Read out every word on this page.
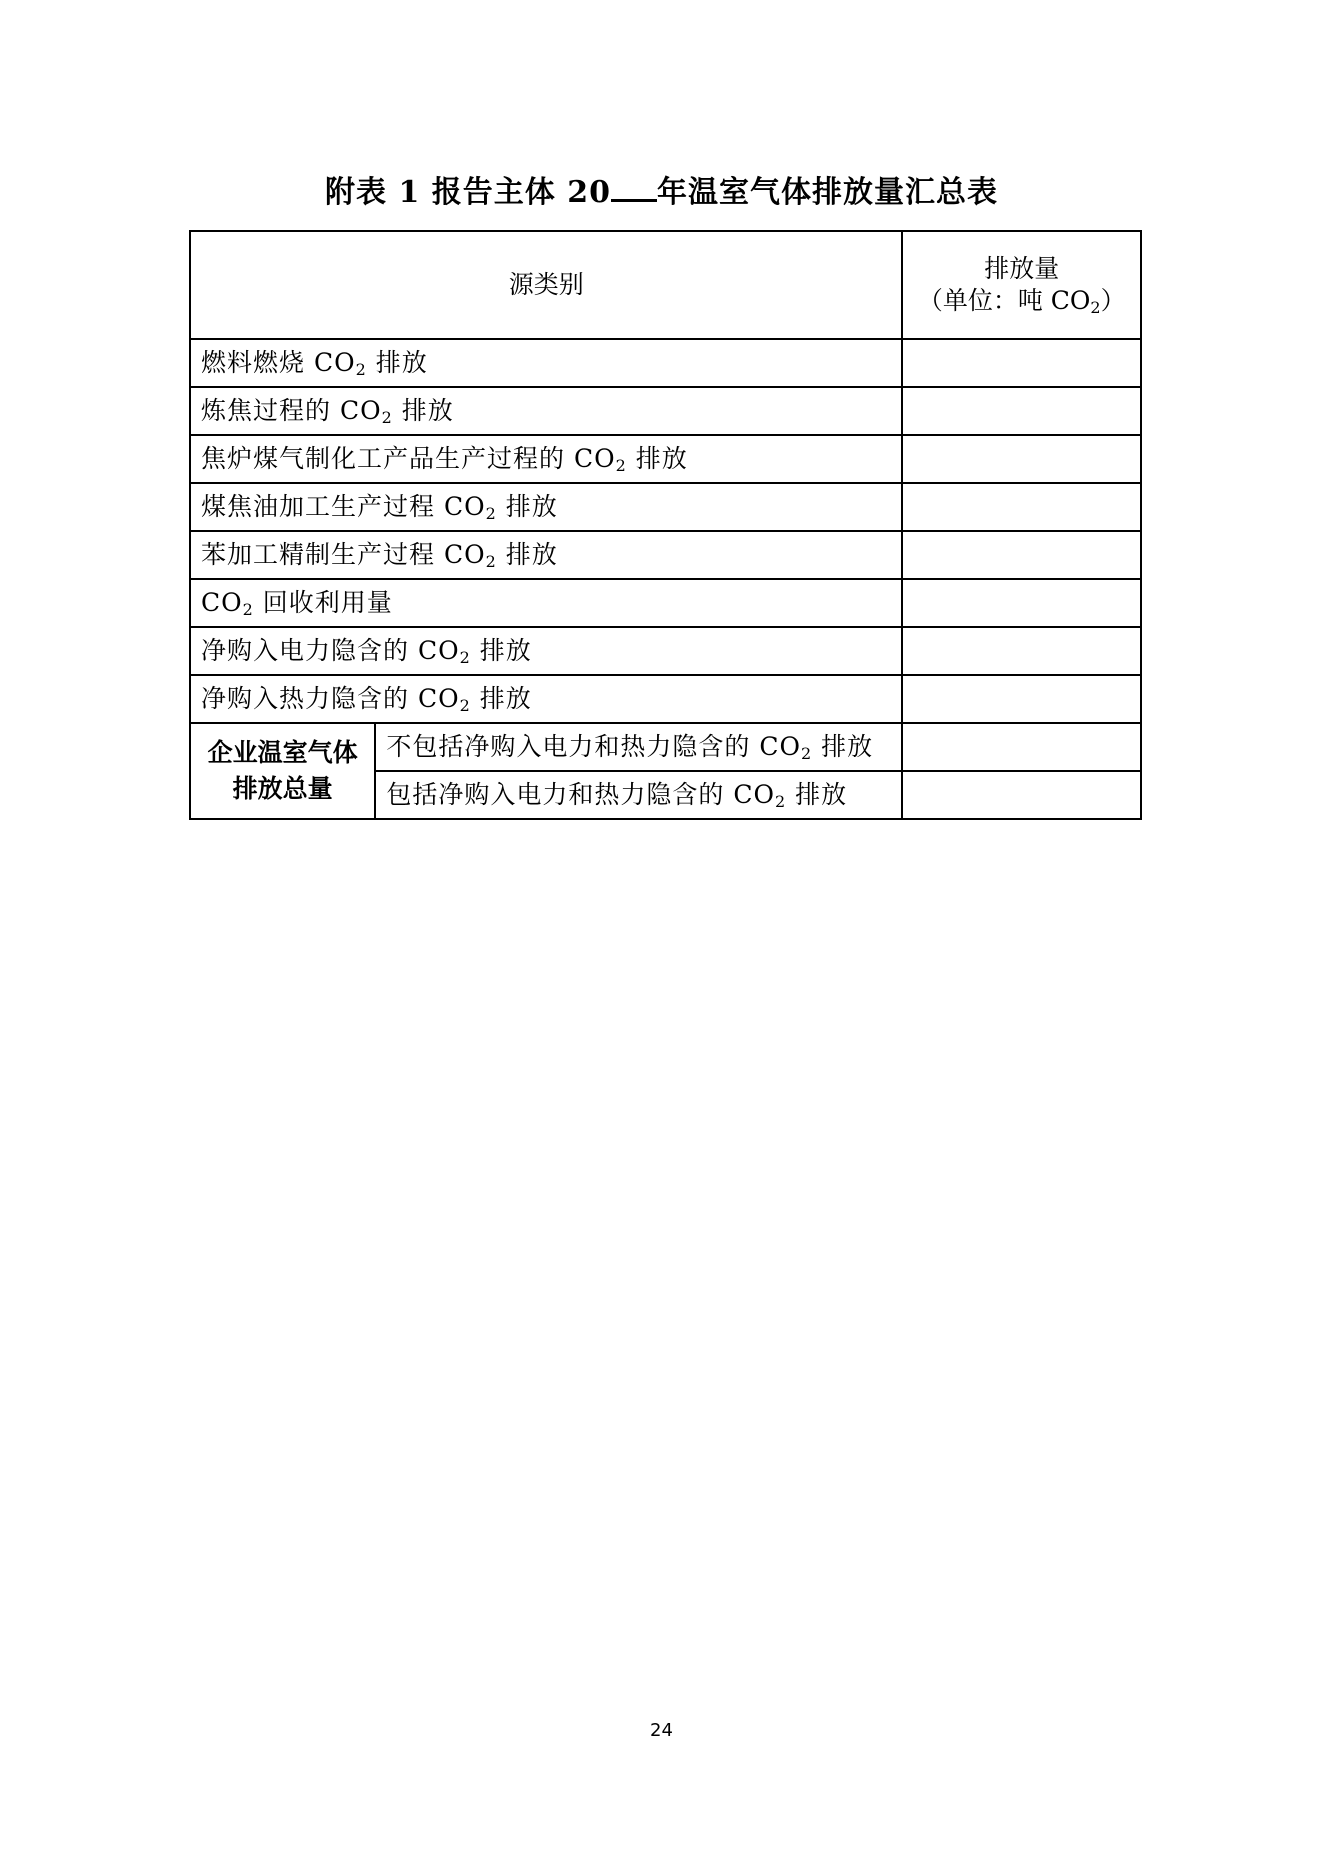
附表 1 报告主体 20 年温室气体排放量汇总表
源类别		排放量
（单位：吨 $CO_2$）

燃料燃烧 $CO_2$ 排放		
炼焦过程的 $CO_2$ 排放		
焦炉煤气制化工产品生产过程的 $CO_2$ 排放		
煤焦油加工生产过程 $CO_2$ 排放		
苯加工精制生产过程 $CO_2$ 排放		
$CO_2$ 回收利用量		
净购入电力隐含的 $CO_2$ 排放		
净购入热力隐含的 $CO_2$ 排放		

企业温室气体
排放总量	不包括净购入电力和热力隐含的 $CO_2$ 排放	
	包括净购入电力和热力隐含的 $CO_2$ 排放	
24
